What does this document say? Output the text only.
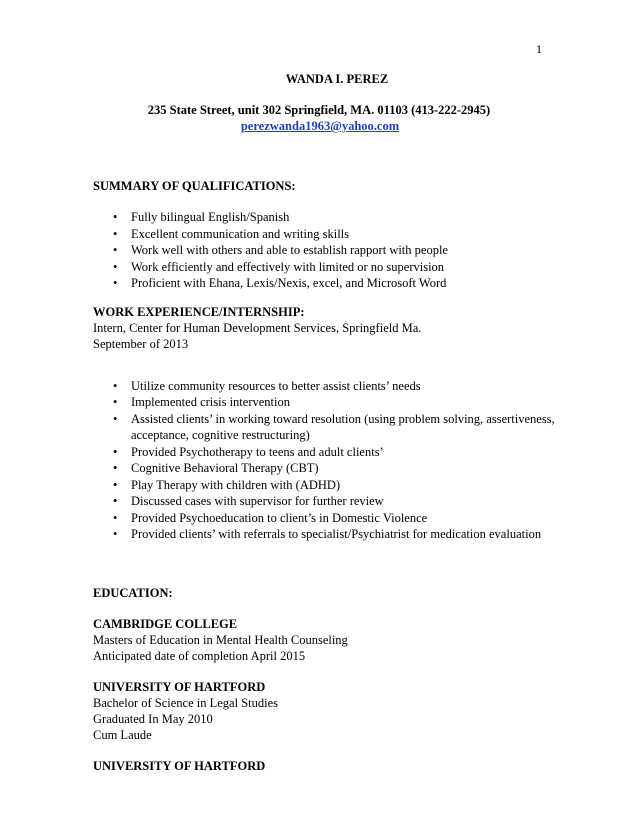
1
WANDA I. PEREZ
235 State Street, unit 302 Springfield, MA. 01103 (413-222-2945)
perezwanda1963@yahoo.com

SUMMARY OF QUALIFICATIONS:

• Fully bilingual English/Spanish
• Excellent communication and writing skills
• Work well with others and able to establish rapport with people
• Work efficiently and effectively with limited or no supervision
• Proficient with Ehana, Lexis/Nexis, excel, and Microsoft Word

WORK EXPERIENCE/INTERNSHIP:

Intern, Center for Human Development Services, Springfield Ma.

September of 2013

• Utilize community resources to better assist clients’ needs
• Implemented crisis intervention
• Assisted clients’ in working toward resolution (using problem solving, assertiveness, acceptance, cognitive restructuring)
• Provided Psychotherapy to teens and adult clients’
• Cognitive Behavioral Therapy (CBT)
• Play Therapy with children with (ADHD)
• Discussed cases with supervisor for further review
• Provided Psychoeducation to client’s in Domestic Violence
• Provided clients’ with referrals to specialist/Psychiatrist for medication evaluation

EDUCATION:

CAMBRIDGE COLLEGE

Masters of Education in Mental Health Counseling

Anticipated date of completion April 2015

UNIVERSITY OF HARTFORD

Bachelor of Science in Legal Studies

Graduated In May 2010

Cum Laude

UNIVERSITY OF HARTFORD
